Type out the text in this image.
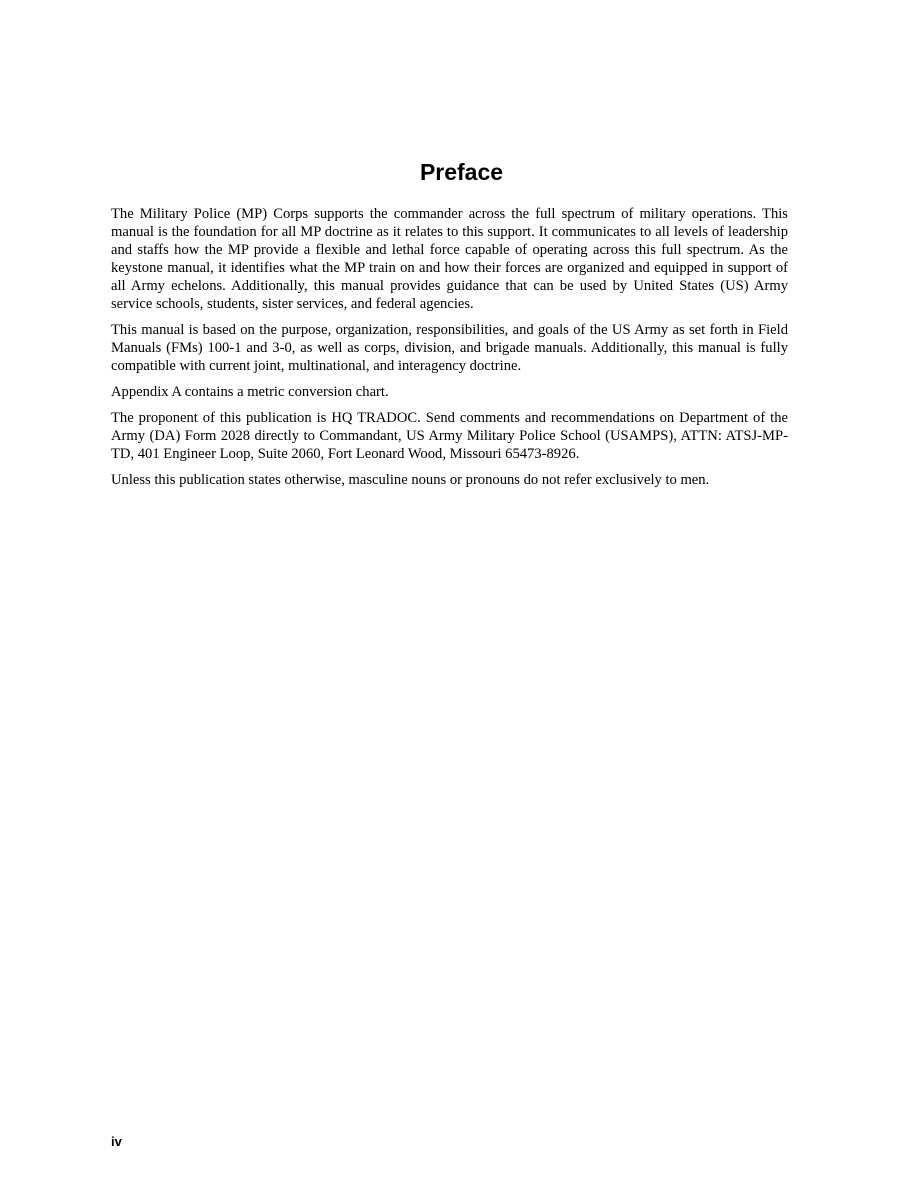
Preface

The Military Police (MP) Corps supports the commander across the full spectrum of military operations. This manual is the foundation for all MP doctrine as it relates to this support. It communicates to all levels of leadership and staffs how the MP provide a flexible and lethal force capable of operating across this full spectrum. As the keystone manual, it identifies what the MP train on and how their forces are organized and equipped in support of all Army echelons. Additionally, this manual provides guidance that can be used by United States (US) Army service schools, students, sister services, and federal agencies.

This manual is based on the purpose, organization, responsibilities, and goals of the US Army as set forth in Field Manuals (FMs) 100-1 and 3-0, as well as corps, division, and brigade manuals. Additionally, this manual is fully compatible with current joint, multinational, and interagency doctrine.

Appendix A contains a metric conversion chart.

The proponent of this publication is HQ TRADOC. Send comments and recommendations on Department of the Army (DA) Form 2028 directly to Commandant, US Army Military Police School (USAMPS), ATTN: ATSJ-MP-TD, 401 Engineer Loop, Suite 2060, Fort Leonard Wood, Missouri 65473-8926.

Unless this publication states otherwise, masculine nouns or pronouns do not refer exclusively to men.

iv
